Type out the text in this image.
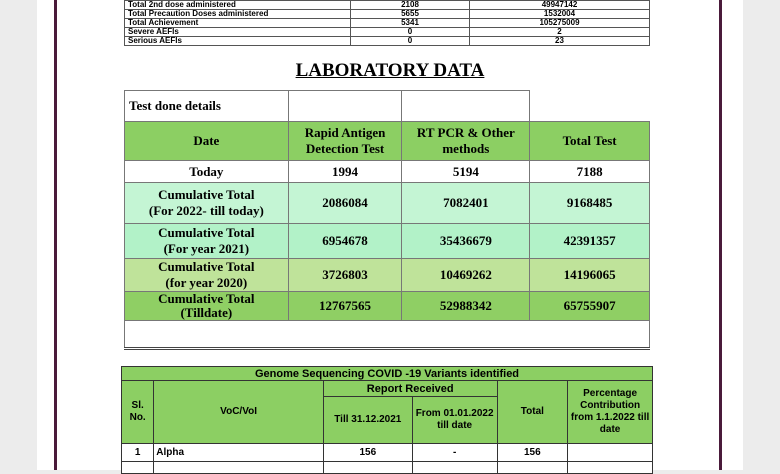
Total 2nd dose administered	2108	49947142
Total Precaution Doses administered	5655	1532004
Total Achievement	5341	105275009
Severe AEFIs	0	2
Serious AEFIs	0	23
LABORATORY DATA
Test done details			
Date	Rapid Antigen Detection Test	RT PCR & Other methods	Total Test
Today	1994	5194	7188

Cumulative Total
(For 2022- till today)	2086084	7082401	9168485

Cumulative Total
(For year 2021)	6954678	35436679	42391357

Cumulative Total
(for year 2020)	3726803	10469262	14196065

Cumulative Total
(Tilldate)	12767565	52988342	65755907

Genome Sequencing COVID -19 Variants identified					
Sl. No.	VoC/VoI	Report Received		Total	Percentage Contribution from 1.1.2022 till date
		Till 31.12.2021	From 01.01.2022 till date		
1	Alpha	156	-	156	
